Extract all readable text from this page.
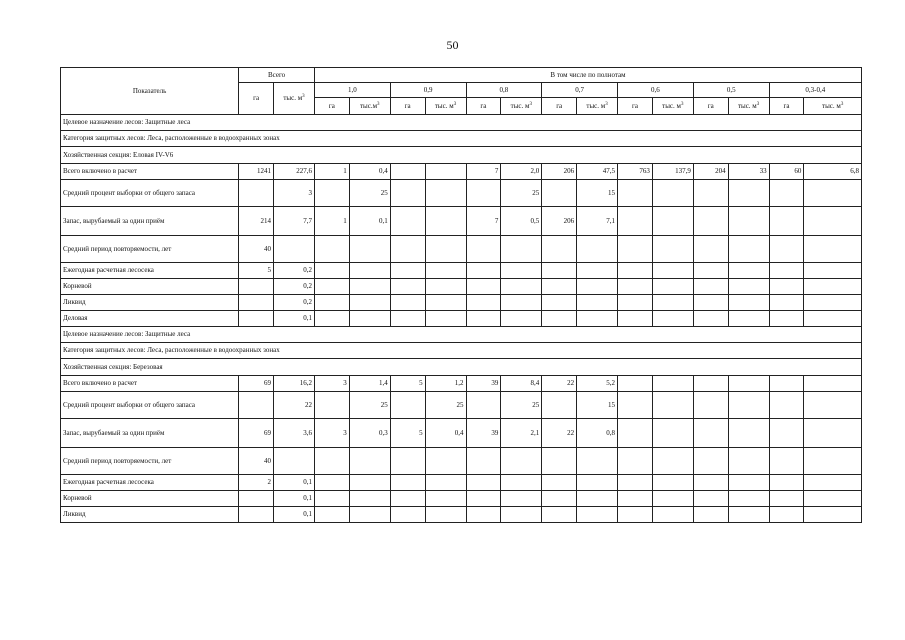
50
Показатель	Всего		В том числе по полнотам													
	га	тыс. $м^3$	1,0		0,9		0,8		0,7		0,6		0,5		0,3-0,4	
			га	$тыс.м^3$	га	тыс. $м^3$	га	тыс. $м^3$	га	тыс. $м^3$	га	тыс. $м^3$	га	тыс. $м^3$	га	тыс. $м^3$
Целевое назначение лесов: Защитные леса																
Категория защитных лесов: Леса, расположенные в водоохранных зонах																
Хозяйственная секция: Еловая IV-V6																
Всего включено в расчет	1241	227,6	1	0,4			7	2,0	206	47,5	763	137,9	204	33	60	6,8
Средний процент выборки от общего запаса		3		25				25		15						
Запас, вырубаемый за один приём	214	7,7	1	0,1			7	0,5	206	7,1						
Средний период повторяемости, лет	40															
Ежегодная расчетная лесосека	5	0,2														
Корневой		0,2														
Ликвид		0,2														
Деловая		0,1														
Целевое назначение лесов: Защитные леса																
Категория защитных лесов: Леса, расположенные в водоохранных зонах																
Хозяйственная секция: Березовая																
Всего включено в расчет	69	16,2	3	1,4	5	1,2	39	8,4	22	5,2						
Средний процент выборки от общего запаса		22		25		25		25		15						
Запас, вырубаемый за один приём	69	3,6	3	0,3	5	0,4	39	2,1	22	0,8						
Средний период повторяемости, лет	40															
Ежегодная расчетная лесосека	2	0,1														
Корневой		0,1														
Ликвид		0,1														
